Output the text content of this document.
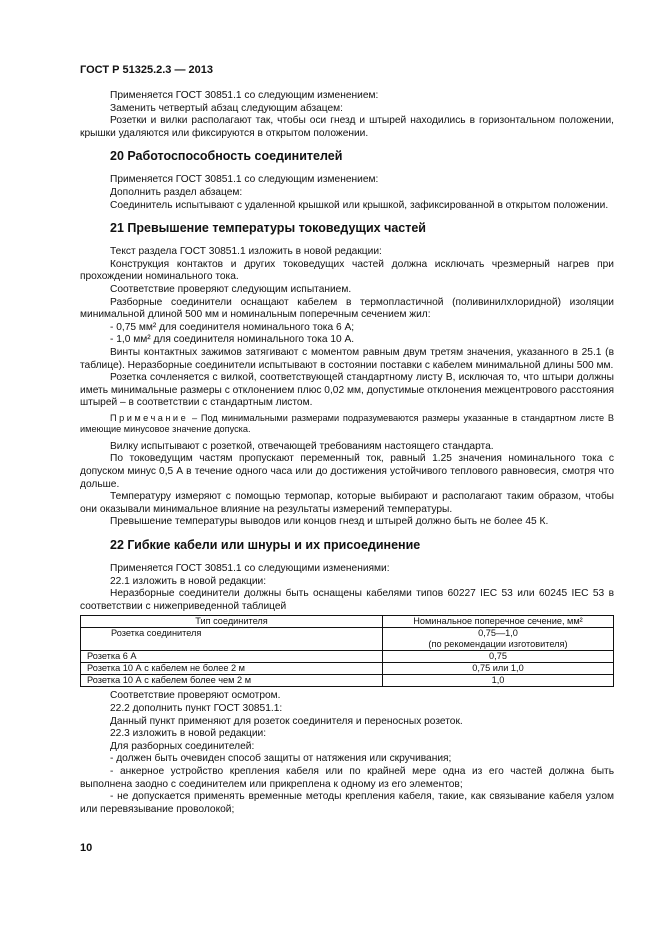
ГОСТ Р 51325.2.3 — 2013

Применяется ГОСТ 30851.1 со следующим изменением:

Заменить четвертый абзац следующим абзацем:

Розетки и вилки располагают так, чтобы оси гнезд и штырей находились в горизонтальном положении, крышки удаляются или фиксируются в открытом положении.

20 Работоспособность соединителей

Применяется ГОСТ 30851.1 со следующим изменением:

Дополнить раздел абзацем:

Соединитель испытывают с удаленной крышкой или крышкой, зафиксированной в открытом положении.

21 Превышение температуры токоведущих частей

Текст раздела ГОСТ 30851.1 изложить в новой редакции:

Конструкция контактов и других токоведущих частей должна исключать чрезмерный нагрев при прохождении номинального тока.

Соответствие проверяют следующим испытанием.

Разборные соединители оснащают кабелем в термопластичной (поливинилхлоридной) изоляции минимальной длиной 500 мм и номинальным поперечным сечением жил:

- 0,75 мм² для соединителя номинального тока 6 А;

- 1,0 мм² для соединителя номинального тока 10 А.

Винты контактных зажимов затягивают с моментом равным двум третям значения, указанного в 25.1 (в таблице). Неразборные соединители испытывают в состоянии поставки с кабелем минимальной длины 500 мм.

Розетка сочленяется с вилкой, соответствующей стандартному листу В, исключая то, что штыри должны иметь минимальные размеры с отклонением плюс 0,02 мм, допустимые отклонения межцентрового расстояния штырей – в соответствии с стандартным листом.

Примечание – Под минимальными размерами подразумеваются размеры указанные в стандартном листе В имеющие минусовое значение допуска.

Вилку испытывают с розеткой, отвечающей требованиям настоящего стандарта.

По токоведущим частям пропускают переменный ток, равный 1.25 значения номинального тока с допуском минус 0,5 А в течение одного часа или до достижения устойчивого теплового равновесия, смотря что дольше.

Температуру измеряют с помощью термопар, которые выбирают и располагают таким образом, чтобы они оказывали минимальное влияние на результаты измерений температуры.

Превышение температуры выводов или концов гнезд и штырей должно быть не более 45 К.

22 Гибкие кабели или шнуры и их присоединение

Применяется ГОСТ 30851.1 со следующими изменениями:

22.1 изложить в новой редакции:

Неразборные соединители должны быть оснащены кабелями типов 60227 IEC 53 или 60245 IEC 53 в соответствии с нижеприведенной таблицей

Тип соединителя	Номинальное поперечное сечение, мм²
Розетка соединителя	0,75—1,0
(по рекомендации изготовителя)

Розетка 6 А	0,75
Розетка 10 А с кабелем не более 2 м	0,75 или 1,0
Розетка 10 А с кабелем более чем 2 м	1,0

Соответствие проверяют осмотром.

22.2 дополнить пункт ГОСТ 30851.1:

Данный пункт применяют для розеток соединителя и переносных розеток.

22.3 изложить в новой редакции:

Для разборных соединителей:

- должен быть очевиден способ защиты от натяжения или скручивания;

- анкерное устройство крепления кабеля или по крайней мере одна из его частей должна быть выполнена заодно с соединителем или прикреплена к одному из его элементов;

- не допускается применять временные методы крепления кабеля, такие, как связывание кабеля узлом или перевязывание проволокой;

10
